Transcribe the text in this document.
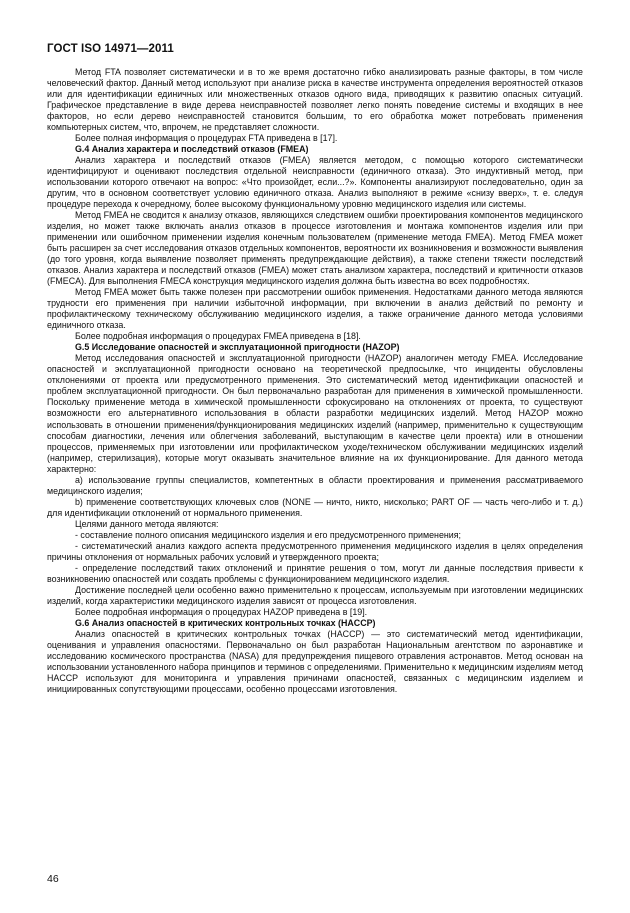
ГОСТ ISO 14971—2011

Метод FTA позволяет систематически и в то же время достаточно гибко анализировать разные факторы, в том числе человеческий фактор. Данный метод используют при анализе риска в качестве инструмента определения вероятностей отказов или для идентификации единичных или множественных отказов одного вида, приводящих к развитию опасных ситуаций. Графическое представление в виде дерева неисправностей позволяет легко понять поведение системы и входящих в нее факторов, но если дерево неисправностей становится большим, то его обработка может потребовать применения компьютерных систем, что, впрочем, не представляет сложности.

Более полная информация о процедурах FTA приведена в [17].

G.4 Анализ характера и последствий отказов (FMEA)

Анализ характера и последствий отказов (FMEA) является методом, с помощью которого систематически идентифицируют и оценивают последствия отдельной неисправности (единичного отказа). Это индуктивный метод, при использовании которого отвечают на вопрос: «Что произойдет, если...?». Компоненты анализируют последовательно, один за другим, что в основном соответствует условию единичного отказа. Анализ выполняют в режиме «снизу вверх», т. е. следуя процедуре перехода к очередному, более высокому функциональному уровню медицинского изделия или системы.

Метод FMEA не сводится к анализу отказов, являющихся следствием ошибки проектирования компонентов медицинского изделия, но может также включать анализ отказов в процессе изготовления и монтажа компонентов изделия или при применении или ошибочном применении изделия конечным пользователем (применение метода FMEA). Метод FMEA может быть расширен за счет исследования отказов отдельных компонентов, вероятности их возникновения и возможности выявления (до того уровня, когда выявление позволяет применять предупреждающие действия), а также степени тяжести последствий отказов. Анализ характера и последствий отказов (FMEA) может стать анализом характера, последствий и критичности отказов (FMECA). Для выполнения FMECA конструкция медицинского изделия должна быть известна во всех подробностях.

Метод FMEA может быть также полезен при рассмотрении ошибок применения. Недостатками данного метода являются трудности его применения при наличии избыточной информации, при включении в анализ действий по ремонту и профилактическому техническому обслуживанию медицинского изделия, а также ограничение данного метода условиями единичного отказа.

Более подробная информация о процедурах FMEA приведена в [18].

G.5 Исследование опасностей и эксплуатационной пригодности (HAZOP)

Метод исследования опасностей и эксплуатационной пригодности (HAZOP) аналогичен методу FMEA. Исследование опасностей и эксплуатационной пригодности основано на теоретической предпосылке, что инциденты обусловлены отклонениями от проекта или предусмотренного применения. Это систематический метод идентификации опасностей и проблем эксплуатационной пригодности. Он был первоначально разработан для применения в химической промышленности. Поскольку применение метода в химической промышленности сфокусировано на отклонениях от проекта, то существуют возможности его альтернативного использования в области разработки медицинских изделий. Метод HAZOP можно использовать в отношении применения/функционирования медицинских изделий (например, применительно к существующим способам диагностики, лечения или облегчения заболеваний, выступающим в качестве цели проекта) или в отношении процессов, применяемых при изготовлении или профилактическом уходе/техническом обслуживании медицинских изделий (например, стерилизация), которые могут оказывать значительное влияние на их функционирование. Для данного метода характерно:

а) использование группы специалистов, компетентных в области проектирования и применения рассматриваемого медицинского изделия;

b) применение соответствующих ключевых слов (NONE — ничто, никто, нисколько; PART OF — часть чего-либо и т. д.) для идентификации отклонений от нормального применения.

Целями данного метода являются:

- составление полного описания медицинского изделия и его предусмотренного применения;

- систематический анализ каждого аспекта предусмотренного применения медицинского изделия в целях определения причины отклонения от нормальных рабочих условий и утвержденного проекта;

- определение последствий таких отклонений и принятие решения о том, могут ли данные последствия привести к возникновению опасностей или создать проблемы с функционированием медицинского изделия.

Достижение последней цели особенно важно применительно к процессам, используемым при изготовлении медицинских изделий, когда характеристики медицинского изделия зависят от процесса изготовления.

Более подробная информация о процедурах HAZOP приведена в [19].

G.6 Анализ опасностей в критических контрольных точках (HACCP)

Анализ опасностей в критических контрольных точках (HACCP) — это систематический метод идентификации, оценивания и управления опасностями. Первоначально он был разработан Национальным агентством по аэронавтике и исследованию космического пространства (NASA) для предупреждения пищевого отравления астронавтов. Метод основан на использовании установленного набора принципов и терминов с определениями. Применительно к медицинским изделиям метод HACCP используют для мониторинга и управления причинами опасностей, связанных с медицинским изделием и инициированных сопутствующими процессами, особенно процессами изготовления.

46
